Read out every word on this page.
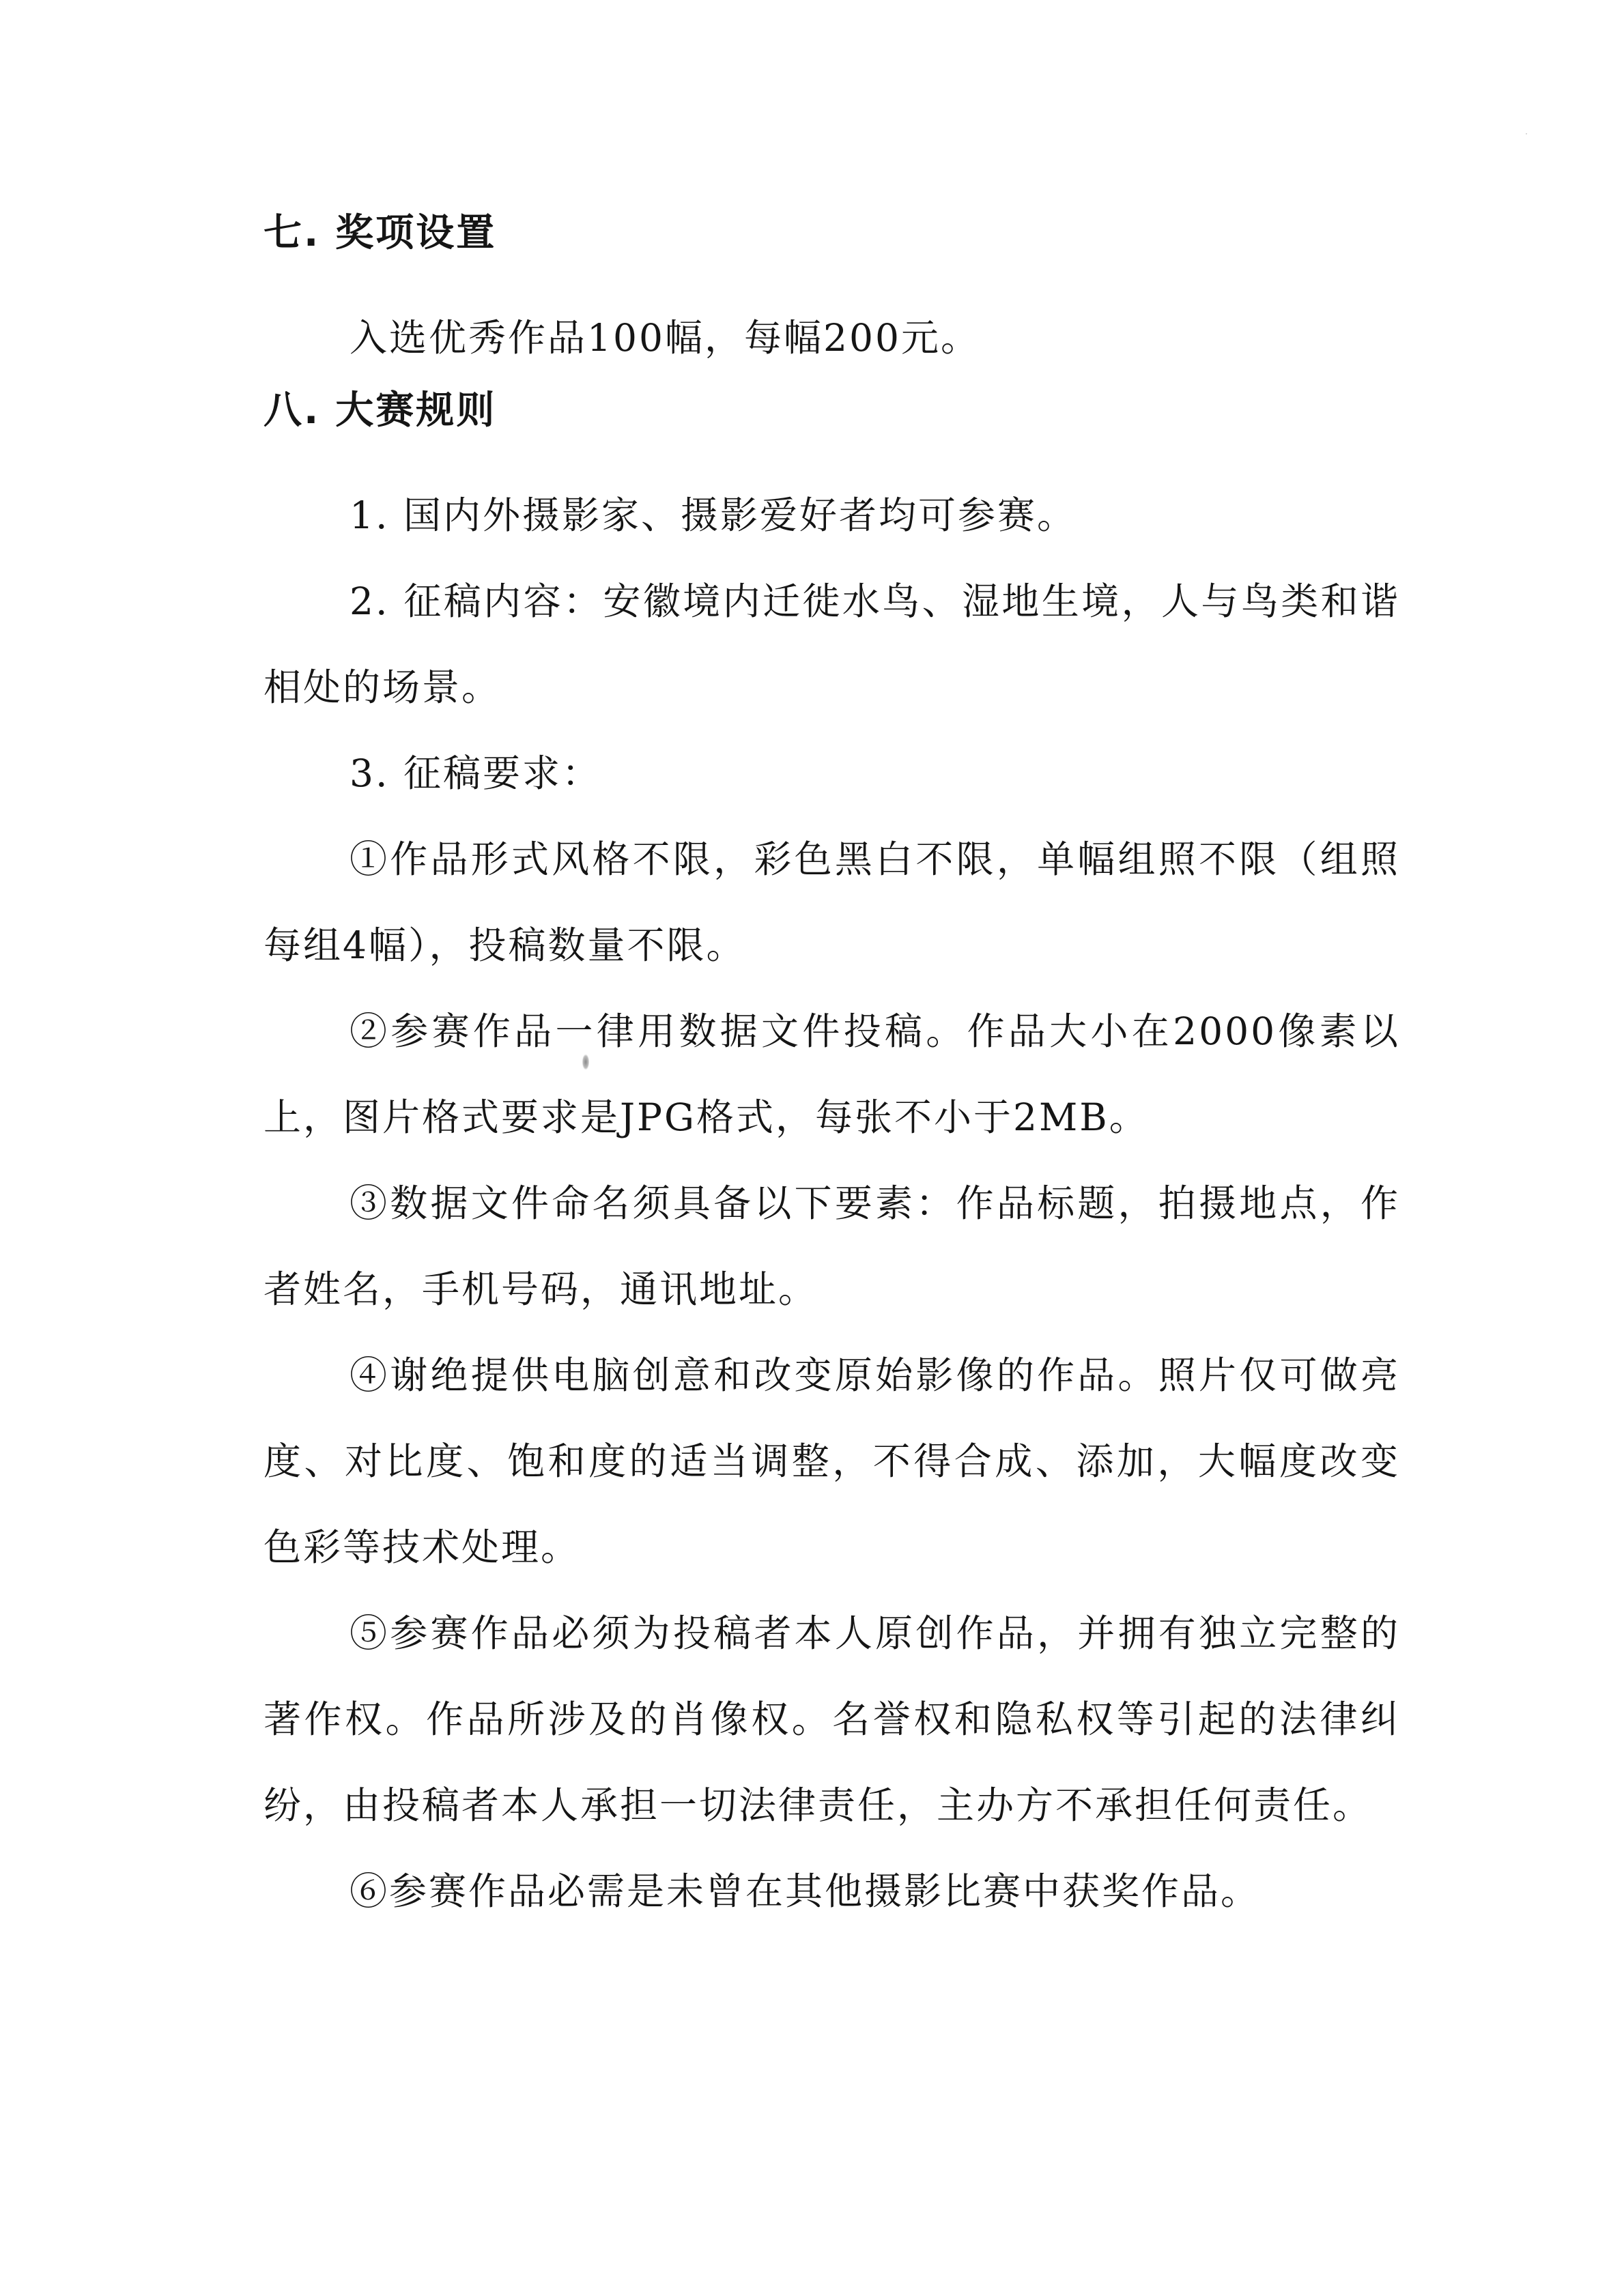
七. 奖项设置

入选优秀作品100幅，每幅200元。

八. 大赛规则

1. 国内外摄影家、摄影爱好者均可参赛。

2. 征稿内容：安徽境内迁徙水鸟、湿地生境，人与鸟类和谐相处的场景。

3. 征稿要求：

①作品形式风格不限，彩色黑白不限，单幅组照不限（组照每组4幅），投稿数量不限。

②参赛作品一律用数据文件投稿。作品大小在2000像素以上，图片格式要求是JPG格式，每张不小于2MB。

③数据文件命名须具备以下要素：作品标题，拍摄地点，作者姓名，手机号码，通讯地址。

④谢绝提供电脑创意和改变原始影像的作品。照片仅可做亮度、对比度、饱和度的适当调整，不得合成、添加，大幅度改变色彩等技术处理。

⑤参赛作品必须为投稿者本人原创作品，并拥有独立完整的著作权。作品所涉及的肖像权。名誉权和隐私权等引起的法律纠纷，由投稿者本人承担一切法律责任，主办方不承担任何责任。

⑥参赛作品必需是未曾在其他摄影比赛中获奖作品。
